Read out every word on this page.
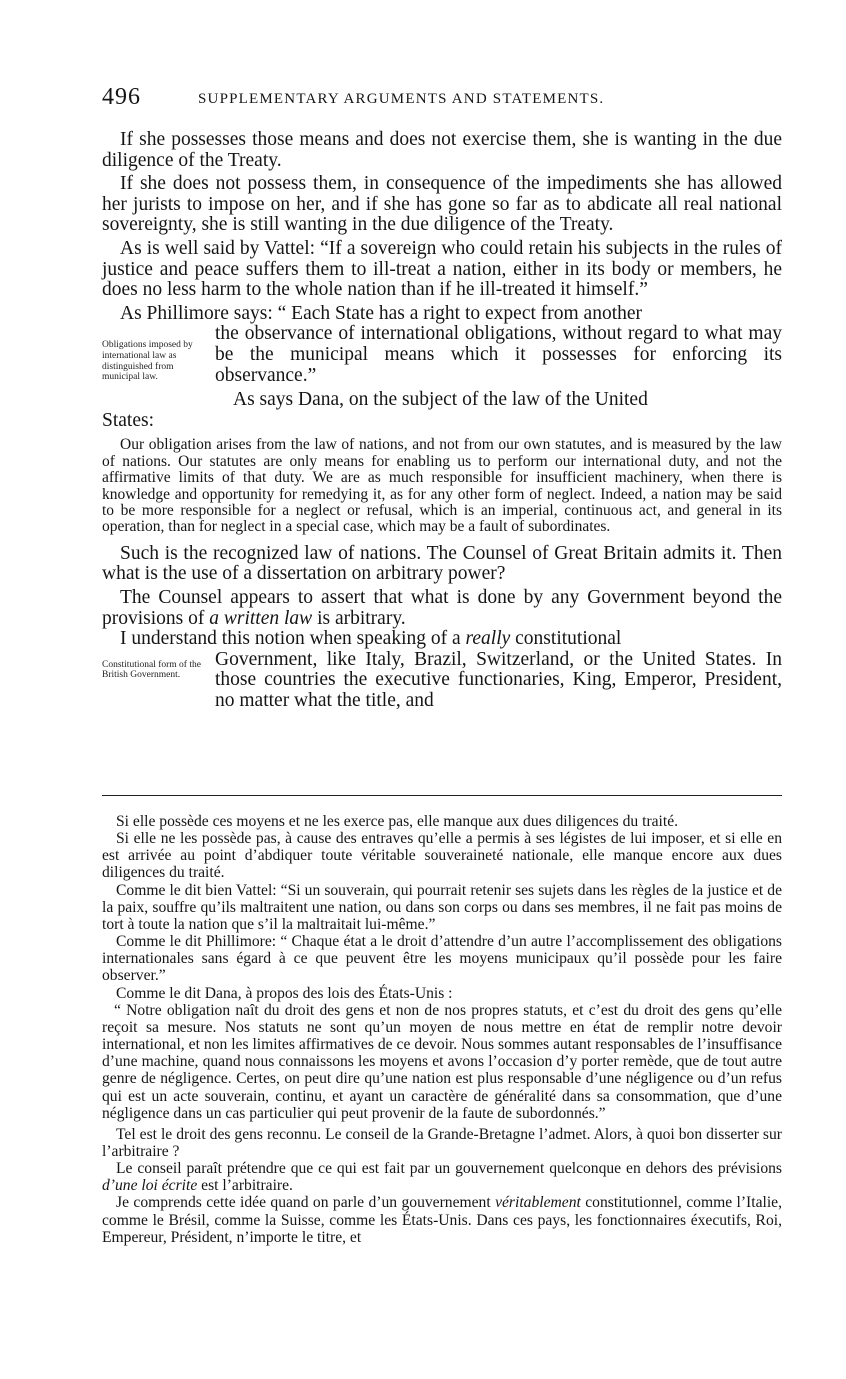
496	SUPPLEMENTARY ARGUMENTS AND STATEMENTS.

If she possesses those means and does not exercise them, she is wanting in the due diligence of the Treaty.

If she does not possess them, in consequence of the impediments she has allowed her jurists to impose on her, and if she has gone so far as to abdicate all real national sovereignty, she is still wanting in the due diligence of the Treaty.

As is well said by Vattel: “If a sovereign who could retain his subjects in the rules of justice and peace suffers them to ill-treat a nation, either in its body or members, he does no less harm to the whole nation than if he ill-treated it himself.”

As Phillimore says: “ Each State has a right to expect from another

Obligations imposed by international law as distinguished from municipal law.

the observance of international obligations, without regard to what may be the municipal means which it possesses for enforcing its observance.”

As says Dana, on the subject of the law of the United

States:

Our obligation arises from the law of nations, and not from our own statutes, and is measured by the law of nations. Our statutes are only means for enabling us to perform our international duty, and not the affirmative limits of that duty. We are as much responsible for insufficient machinery, when there is knowledge and opportunity for remedying it, as for any other form of neglect. Indeed, a nation may be said to be more responsible for a neglect or refusal, which is an imperial, continuous act, and general in its operation, than for neglect in a special case, which may be a fault of subordinates.

Such is the recognized law of nations. The Counsel of Great Britain admits it. Then what is the use of a dissertation on arbitrary power?

The Counsel appears to assert that what is done by any Government beyond the provisions of a written law is arbitrary.

I understand this notion when speaking of a really constitutional

Constitutional form of the British Government.

Government, like Italy, Brazil, Switzerland, or the United States. In those countries the executive functionaries, King, Emperor, President, no matter what the title, and

Si elle possède ces moyens et ne les exerce pas, elle manque aux dues diligences du traité.

Si elle ne les possède pas, à cause des entraves qu’elle a permis à ses légistes de lui imposer, et si elle en est arrivée au point d’abdiquer toute véritable souveraineté nationale, elle manque encore aux dues diligences du traité.

Comme le dit bien Vattel: “Si un souverain, qui pourrait retenir ses sujets dans les règles de la justice et de la paix, souffre qu’ils maltraitent une nation, ou dans son corps ou dans ses membres, il ne fait pas moins de tort à toute la nation que s’il la maltraitait lui-même.”

Comme le dit Phillimore: “ Chaque état a le droit d’attendre d’un autre l’accomplissement des obligations internationales sans égard à ce que peuvent être les moyens municipaux qu’il possède pour les faire observer.”

Comme le dit Dana, à propos des lois des États-Unis :

“ Notre obligation naît du droit des gens et non de nos propres statuts, et c’est du droit des gens qu’elle reçoit sa mesure. Nos statuts ne sont qu’un moyen de nous mettre en état de remplir notre devoir international, et non les limites affirmatives de ce devoir. Nous sommes autant responsables de l’insuffisance d’une machine, quand nous connaissons les moyens et avons l’occasion d’y porter remède, que de tout autre genre de négligence. Certes, on peut dire qu’une nation est plus responsable d’une négligence ou d’un refus qui est un acte souverain, continu, et ayant un caractère de généralité dans sa consommation, que d’une négligence dans un cas particulier qui peut provenir de la faute de subordonnés.”

Tel est le droit des gens reconnu. Le conseil de la Grande-Bretagne l’admet. Alors, à quoi bon disserter sur l’arbitraire ?

Le conseil paraît prétendre que ce qui est fait par un gouvernement quelconque en dehors des prévisions d’une loi écrite est l’arbitraire.

Je comprends cette idée quand on parle d’un gouvernement véritablement constitutionnel, comme l’Italie, comme le Brésil, comme la Suisse, comme les États-Unis. Dans ces pays, les fonctionnaires éxecutifs, Roi, Empereur, Président, n’importe le titre, et
